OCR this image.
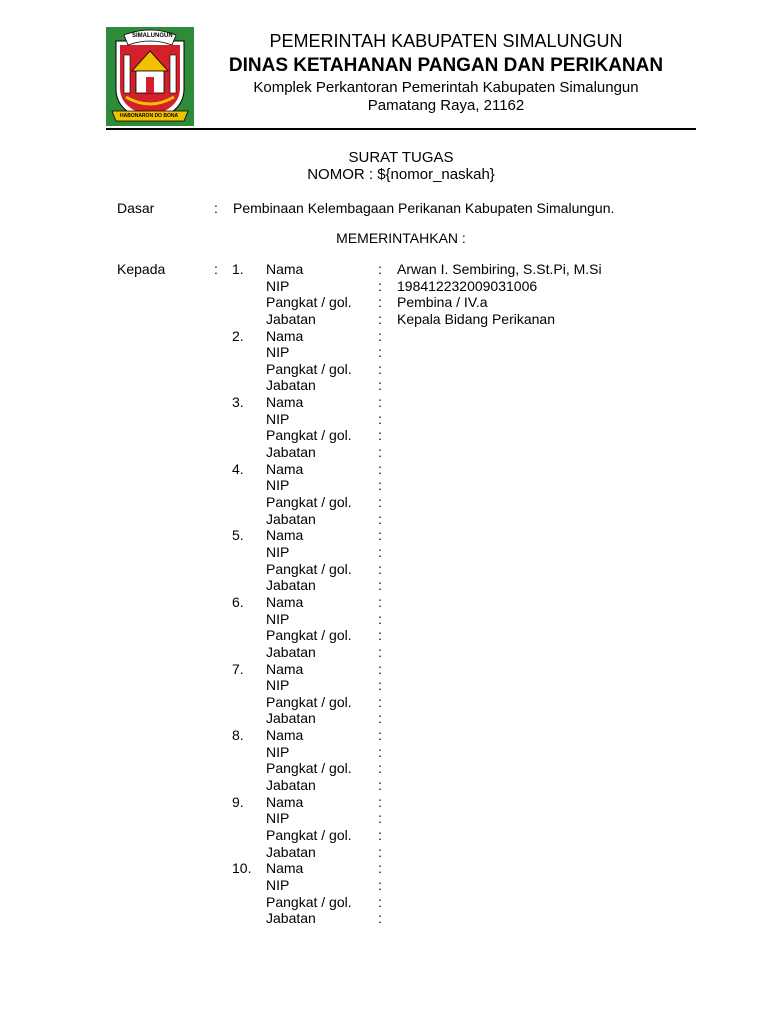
SIMALUNGUN
HABONARON DO BONA
PEMERINTAH KABUPATEN SIMALUNGUN
DINAS KETAHANAN PANGAN DAN PERIKANAN
Komplek Perkantoran Pemerintah Kabupaten Simalungun
Pamatang Raya, 21162
SURAT TUGAS
NOMOR : ${nomor_naskah}
Dasar	: Pembinaan Kelembagaan Perikanan Kabupaten Simalungun.
MEMERINTAHKAN :
Kepada	: 1. Nama	: Arwan I. Sembiring, S.St.Pi, M.Si
NIP	: 198412232009031006
Pangkat / gol. : Pembina / IV.a
Jabatan	: Kepala Bidang Perikanan
2. Nama	:
NIP	:
Pangkat / gol. :
Jabatan	:
3. Nama	:
NIP	:
Pangkat / gol. :
Jabatan	:
4. Nama	:
NIP	:
Pangkat / gol. :
Jabatan	:
5. Nama	:
NIP	:
Pangkat / gol. :
Jabatan	:
6. Nama	:
NIP	:
Pangkat / gol. :
Jabatan	:
7. Nama	:
NIP	:
Pangkat / gol. :
Jabatan	:
8. Nama	:
NIP	:
Pangkat / gol. :
Jabatan	:
9. Nama	:
NIP	:
Pangkat / gol. :
Jabatan	:
10. Nama	:
NIP	:
Pangkat / gol. :
Jabatan	:
